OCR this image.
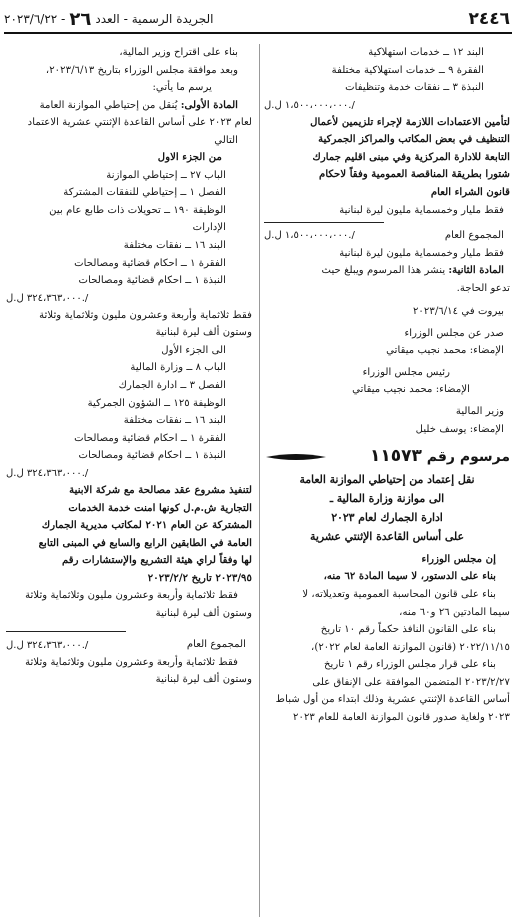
٢٤٤٦
الجريدة الرسمية - العدد
٢٦
- ٢٠٢٣/٦/٢٢
البند ١٢ ــ خدمات استهلاكية
الفقرة ٩ ــ خدمات استهلاكية مختلفة
النبذة ٣ ــ نفقات خدمة وتنظيفات
١،٥٠٠،٠٠٠،٠٠٠ ل.ل./
لتأمين الاعتمادات اللازمة لإجراء تلزيمين لأعمال
التنظيف في بعض المكاتب والمراكز الجمركية
التابعة للادارة المركزية وفي مبنى اقليم جمارك
شتورا بطريقة المناقصة العمومية وفقاً لاحكام
قانون الشراء العام
فقط مليار وخمسماية مليون ليرة لبنانية
المجموع العام
١،٥٠٠،٠٠٠،٠٠٠ ل.ل./
فقط مليار وخمسماية مليون ليرة لبنانية
المادة الثانية: ينشر هذا المرسوم ويبلغ حيث
تدعو الحاجة.
بيروت في ٢٠٢٣/٦/١٤
صدر عن مجلس الوزراء
الإمضاء: محمد نجيب ميقاتي
رئيس مجلس الوزراء
الإمضاء: محمد نجيب ميقاتي
وزير المالية
الإمضاء: يوسف خليل
مرسوم رقم ١١٥٧٣
نقل إعتماد من إحتياطي الموازنة العامة
الى موازنة وزارة المالية ـ
ادارة الجمارك لعام ٢٠٢٣
على أساس القاعدة الإثنتي عشرية
إن مجلس الوزراء
بناء على الدستور، لا سيما المادة ٦٢ منه،
بناء على قانون المحاسبة العمومية وتعديلاته، لا
سيما المادتين ٢٦ و٦٠ منه،
بناء على القانون النافذ حكماً رقم ١٠ تاريخ
٢٠٢٢/١١/١٥ (قانون الموازنة العامة لعام ٢٠٢٢)،
بناء على قرار مجلس الوزراء رقم ١ تاريخ
٢٠٢٣/٢/٢٧ المتضمن الموافقة على الإنفاق على
أساس القاعدة الإثنتي عشرية وذلك ابتداء من أول شباط
٢٠٢٣ ولغاية صدور قانون الموازنة العامة للعام ٢٠٢٣
بناء على اقتراح وزير المالية،
وبعد موافقة مجلس الوزراء بتاريخ ٢٠٢٣/٦/١٣،
يرسم ما يأتي:
المادة الأولى: يُنقل من إحتياطي الموازنة العامة
لعام ٢٠٢٣ على أساس القاعدة الإثنتي عشرية الاعتماد
التالي
من الجزء الاول
الباب ٢٧ ــ إحتياطي الموازنة
الفصل ١ ــ إحتياطي للنفقات المشتركة
الوظيفة ١٩٠ ــ تحويلات ذات طابع عام بين
الإدارات
البند ١٦ ــ نفقات مختلفة
الفقرة ١ ــ احكام قضائية ومصالحات
النبذة ١ ــ احكام قضائية ومصالحات
٣٢٤،٣٦٣،٠٠٠ ل.ل./
فقط ثلاثماية وأربعة وعشرون مليون وثلاثماية وثلاثة
وستون ألف ليرة لبنانية
الى الجزء الأول
الباب ٨ ــ وزارة المالية
الفصل ٣ ــ ادارة الجمارك
الوظيفة ١٢٥ ــ الشؤون الجمركية
البند ١٦ ــ نفقات مختلفة
الفقرة ١ ــ احكام قضائية ومصالحات
النبذة ١ ــ احكام قضائية ومصالحات
٣٢٤،٣٦٣،٠٠٠ ل.ل./
لتنفيذ مشروع عقد مصالحة مع شركة الابنية
التجارية ش.م.ل كونها امنت خدمة الخدمات
المشتركة عن العام ٢٠٢١ لمكاتب مديرية الجمارك
العامة في الطابقين الرابع والسابع في المبنى التابع
لها وفقاً لراي هيئة التشريع والإستشارات رقم
٢٠٢٣/٩٥ تاريخ ٢٠٢٣/٢/٢
فقط ثلاثماية وأربعة وعشرون مليون وثلاثماية وثلاثة
وستون ألف ليرة لبنانية
المجموع العام
٣٢٤،٣٦٣،٠٠٠ ل.ل./
فقط ثلاثماية وأربعة وعشرون مليون وثلاثماية وثلاثة
وستون ألف ليرة لبنانية
